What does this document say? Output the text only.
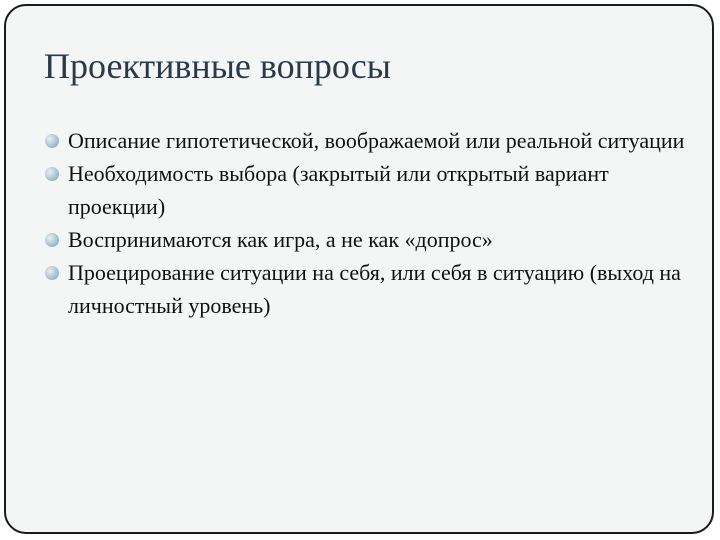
Проективные вопросы
Описание гипотетической, воображаемой или реальной ситуации
Необходимость выбора (закрытый или открытый вариант проекции)
Воспринимаются как игра, а не как «допрос»
Проецирование ситуации на себя, или себя в ситуацию (выход на личностный уровень)
